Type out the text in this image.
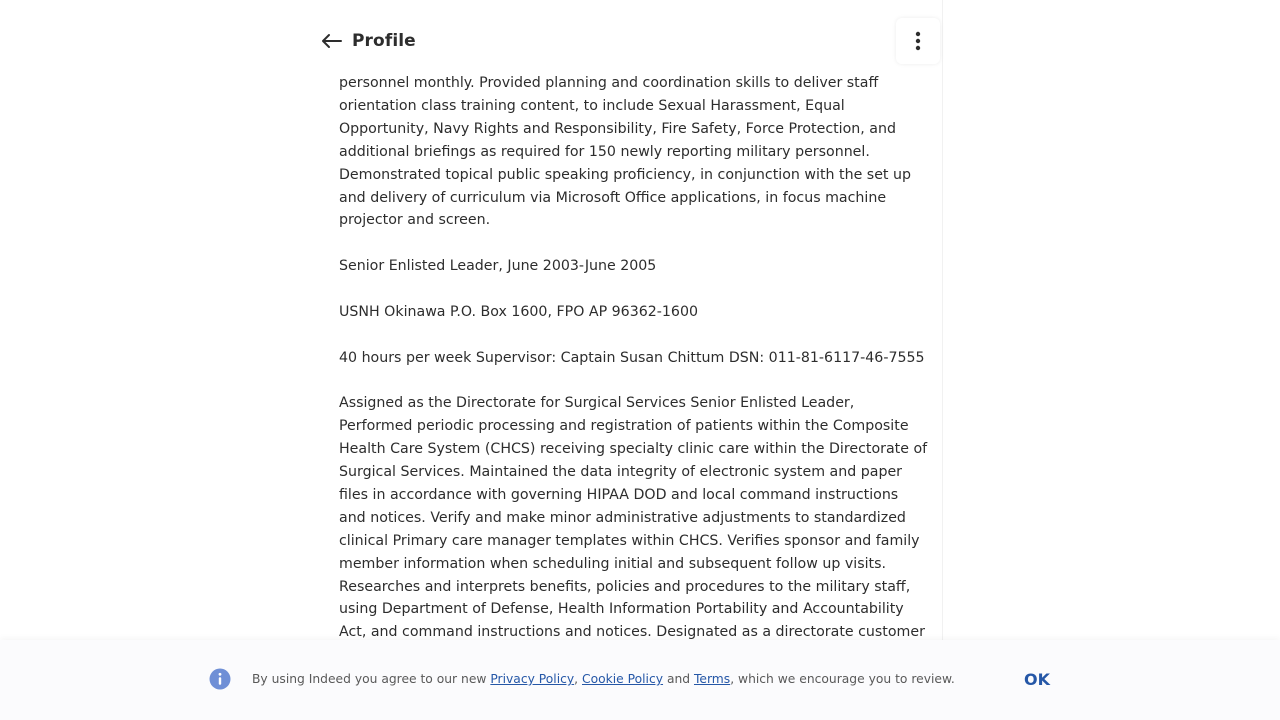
Profile

personnel monthly. Provided planning and coordination skills to deliver staff orientation class training content, to include Sexual Harassment, Equal Opportunity, Navy Rights and Responsibility, Fire Safety, Force Protection, and additional briefings as required for 150 newly reporting military personnel. Demonstrated topical public speaking proficiency, in conjunction with the set up and delivery of curriculum via Microsoft Office applications, in focus machine projector and screen.

Senior Enlisted Leader, June 2003-June 2005

USNH Okinawa P.O. Box 1600, FPO AP 96362-1600

40 hours per week Supervisor: Captain Susan Chittum DSN: 011-81-6117-46-7555

Assigned as the Directorate for Surgical Services Senior Enlisted Leader, Performed periodic processing and registration of patients within the Composite Health Care System (CHCS) receiving specialty clinic care within the Directorate of Surgical Services. Maintained the data integrity of electronic system and paper files in accordance with governing HIPAA DOD and local command instructions and notices. Verify and make minor administrative adjustments to standardized clinical Primary care manager templates within CHCS. Verifies sponsor and family member information when scheduling initial and subsequent follow up visits. Researches and interprets benefits, policies and procedures to the military staff, using Department of Defense, Health Information Portability and Accountability Act, and command instructions and notices. Designated as a directorate customer

By using Indeed you agree to our new Privacy Policy, Cookie Policy and Terms, which we encourage you to review.	OK
